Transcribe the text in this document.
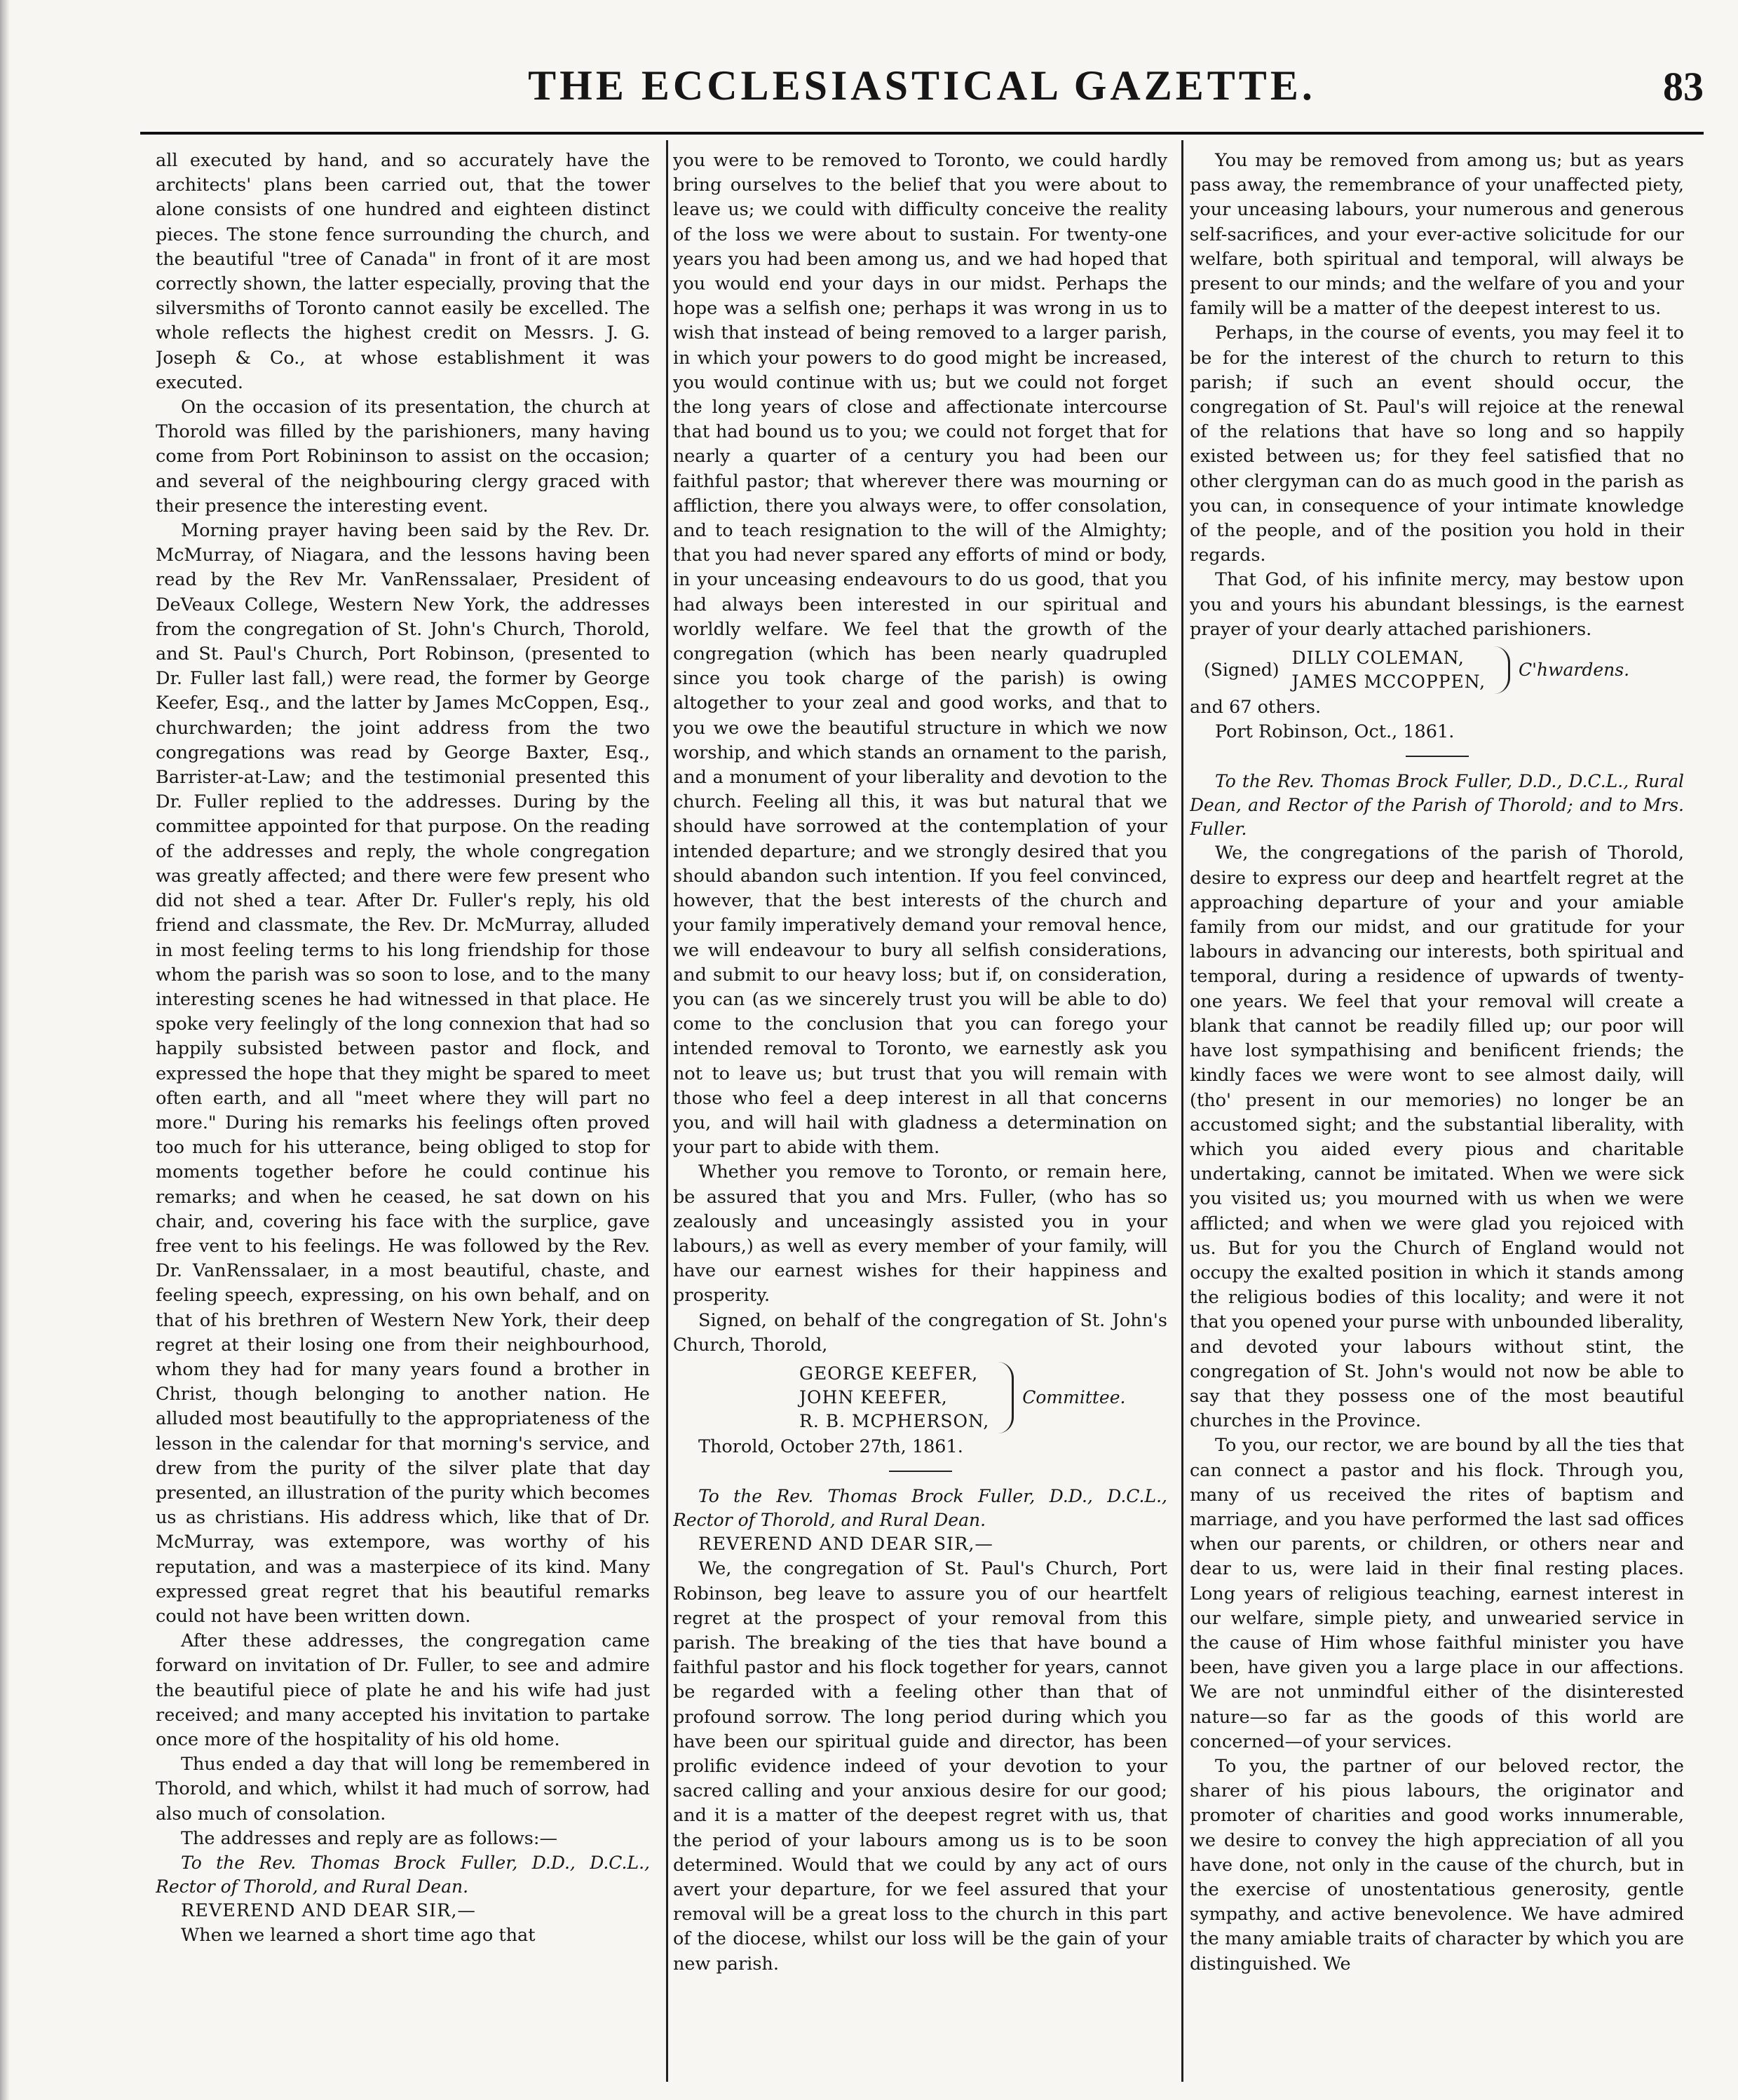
THE ECCLESIASTICAL GAZETTE.	83

all executed by hand, and so accurately have the architects' plans been carried out, that the tower alone consists of one hundred and eighteen distinct pieces. The stone fence surrounding the church, and the beautiful "tree of Canada" in front of it are most correctly shown, the latter especially, proving that the silversmiths of Toronto cannot easily be excelled. The whole reflects the highest credit on Messrs. J. G. Joseph & Co., at whose establishment it was executed.

On the occasion of its presentation, the church at Thorold was filled by the parishioners, many having come from Port Robininson to assist on the occasion; and several of the neighbouring clergy graced with their presence the interesting event.

Morning prayer having been said by the Rev. Dr. McMurray, of Niagara, and the lessons having been read by the Rev Mr. VanRenssalaer, President of DeVeaux College, Western New York, the addresses from the congregation of St. John's Church, Thorold, and St. Paul's Church, Port Robinson, (presented to Dr. Fuller last fall,) were read, the former by George Keefer, Esq., and the latter by James McCoppen, Esq., churchwarden; the joint address from the two congregations was read by George Baxter, Esq., Barrister-at-Law; and the testimonial presented this Dr. Fuller replied to the addresses. During by the committee appointed for that purpose. On the reading of the addresses and reply, the whole congregation was greatly affected; and there were few present who did not shed a tear. After Dr. Fuller's reply, his old friend and classmate, the Rev. Dr. McMurray, alluded in most feeling terms to his long friendship for those whom the parish was so soon to lose, and to the many interesting scenes he had witnessed in that place. He spoke very feelingly of the long connexion that had so happily subsisted between pastor and flock, and expressed the hope that they might be spared to meet often earth, and all "meet where they will part no more." During his remarks his feelings often proved too much for his utterance, being obliged to stop for moments together before he could continue his remarks; and when he ceased, he sat down on his chair, and, covering his face with the surplice, gave free vent to his feelings. He was followed by the Rev. Dr. VanRenssalaer, in a most beautiful, chaste, and feeling speech, expressing, on his own behalf, and on that of his brethren of Western New York, their deep regret at their losing one from their neighbourhood, whom they had for many years found a brother in Christ, though belonging to another nation. He alluded most beautifully to the appropriateness of the lesson in the calendar for that morning's service, and drew from the purity of the silver plate that day presented, an illustration of the purity which becomes us as christians. His address which, like that of Dr. McMurray, was extempore, was worthy of his reputation, and was a masterpiece of its kind. Many expressed great regret that his beautiful remarks could not have been written down.

After these addresses, the congregation came forward on invitation of Dr. Fuller, to see and admire the beautiful piece of plate he and his wife had just received; and many accepted his invitation to partake once more of the hospitality of his old home.

Thus ended a day that will long be remembered in Thorold, and which, whilst it had much of sorrow, had also much of consolation.

The addresses and reply are as follows:—

To the Rev. Thomas Brock Fuller, D.D., D.C.L., Rector of Thorold, and Rural Dean.

REVEREND AND DEAR SIR,—

When we learned a short time ago that

you were to be removed to Toronto, we could hardly bring ourselves to the belief that you were about to leave us; we could with difficulty conceive the reality of the loss we were about to sustain. For twenty-one years you had been among us, and we had hoped that you would end your days in our midst. Perhaps the hope was a selfish one; perhaps it was wrong in us to wish that instead of being removed to a larger parish, in which your powers to do good might be increased, you would continue with us; but we could not forget the long years of close and affectionate intercourse that had bound us to you; we could not forget that for nearly a quarter of a century you had been our faithful pastor; that wherever there was mourning or affliction, there you always were, to offer consolation, and to teach resignation to the will of the Almighty; that you had never spared any efforts of mind or body, in your unceasing endeavours to do us good, that you had always been interested in our spiritual and worldly welfare. We feel that the growth of the congregation (which has been nearly quadrupled since you took charge of the parish) is owing altogether to your zeal and good works, and that to you we owe the beautiful structure in which we now worship, and which stands an ornament to the parish, and a monument of your liberality and devotion to the church. Feeling all this, it was but natural that we should have sorrowed at the contemplation of your intended departure; and we strongly desired that you should abandon such intention. If you feel convinced, however, that the best interests of the church and your family imperatively demand your removal hence, we will endeavour to bury all selfish considerations, and submit to our heavy loss; but if, on consideration, you can (as we sincerely trust you will be able to do) come to the conclusion that you can forego your intended removal to Toronto, we earnestly ask you not to leave us; but trust that you will remain with those who feel a deep interest in all that concerns you, and will hail with gladness a determination on your part to abide with them.

Whether you remove to Toronto, or remain here, be assured that you and Mrs. Fuller, (who has so zealously and unceasingly assisted you in your labours,) as well as every member of your family, will have our earnest wishes for their happiness and prosperity.

Signed, on behalf of the congregation of St. John's Church, Thorold,

GEORGE KEEFER,
JOHN KEEFER,
R. B. MCPHERSON,
Committee.

Thorold, October 27th, 1861.

To the Rev. Thomas Brock Fuller, D.D., D.C.L., Rector of Thorold, and Rural Dean.

REVEREND AND DEAR SIR,—

We, the congregation of St. Paul's Church, Port Robinson, beg leave to assure you of our heartfelt regret at the prospect of your removal from this parish. The breaking of the ties that have bound a faithful pastor and his flock together for years, cannot be regarded with a feeling other than that of profound sorrow. The long period during which you have been our spiritual guide and director, has been prolific evidence indeed of your devotion to your sacred calling and your anxious desire for our good; and it is a matter of the deepest regret with us, that the period of your labours among us is to be soon determined. Would that we could by any act of ours avert your departure, for we feel assured that your removal will be a great loss to the church in this part of the diocese, whilst our loss will be the gain of your new parish.

You may be removed from among us; but as years pass away, the remembrance of your unaffected piety, your unceasing labours, your numerous and generous self-sacrifices, and your ever-active solicitude for our welfare, both spiritual and temporal, will always be present to our minds; and the welfare of you and your family will be a matter of the deepest interest to us.

Perhaps, in the course of events, you may feel it to be for the interest of the church to return to this parish; if such an event should occur, the congregation of St. Paul's will rejoice at the renewal of the relations that have so long and so happily existed between us; for they feel satisfied that no other clergyman can do as much good in the parish as you can, in consequence of your intimate knowledge of the people, and of the position you hold in their regards.

That God, of his infinite mercy, may bestow upon you and yours his abundant blessings, is the earnest prayer of your dearly attached parishioners.

(Signed)
DILLY COLEMAN,
JAMES MCCOPPEN,
C'hwardens.

and 67 others.

Port Robinson, Oct., 1861.

To the Rev. Thomas Brock Fuller, D.D., D.C.L., Rural Dean, and Rector of the Parish of Thorold; and to Mrs. Fuller.

We, the congregations of the parish of Thorold, desire to express our deep and heartfelt regret at the approaching departure of your and your amiable family from our midst, and our gratitude for your labours in advancing our interests, both spiritual and temporal, during a residence of upwards of twenty-one years. We feel that your removal will create a blank that cannot be readily filled up; our poor will have lost sympathising and benificent friends; the kindly faces we were wont to see almost daily, will (tho' present in our memories) no longer be an accustomed sight; and the substantial liberality, with which you aided every pious and charitable undertaking, cannot be imitated. When we were sick you visited us; you mourned with us when we were afflicted; and when we were glad you rejoiced with us. But for you the Church of England would not occupy the exalted position in which it stands among the religious bodies of this locality; and were it not that you opened your purse with unbounded liberality, and devoted your labours without stint, the congregation of St. John's would not now be able to say that they possess one of the most beautiful churches in the Province.

To you, our rector, we are bound by all the ties that can connect a pastor and his flock. Through you, many of us received the rites of baptism and marriage, and you have performed the last sad offices when our parents, or children, or others near and dear to us, were laid in their final resting places. Long years of religious teaching, earnest interest in our welfare, simple piety, and unwearied service in the cause of Him whose faithful minister you have been, have given you a large place in our affections. We are not unmindful either of the disinterested nature—so far as the goods of this world are concerned—of your services.

To you, the partner of our beloved rector, the sharer of his pious labours, the originator and promoter of charities and good works innumerable, we desire to convey the high appreciation of all you have done, not only in the cause of the church, but in the exercise of unostentatious generosity, gentle sympathy, and active benevolence. We have admired the many amiable traits of character by which you are distinguished. We
